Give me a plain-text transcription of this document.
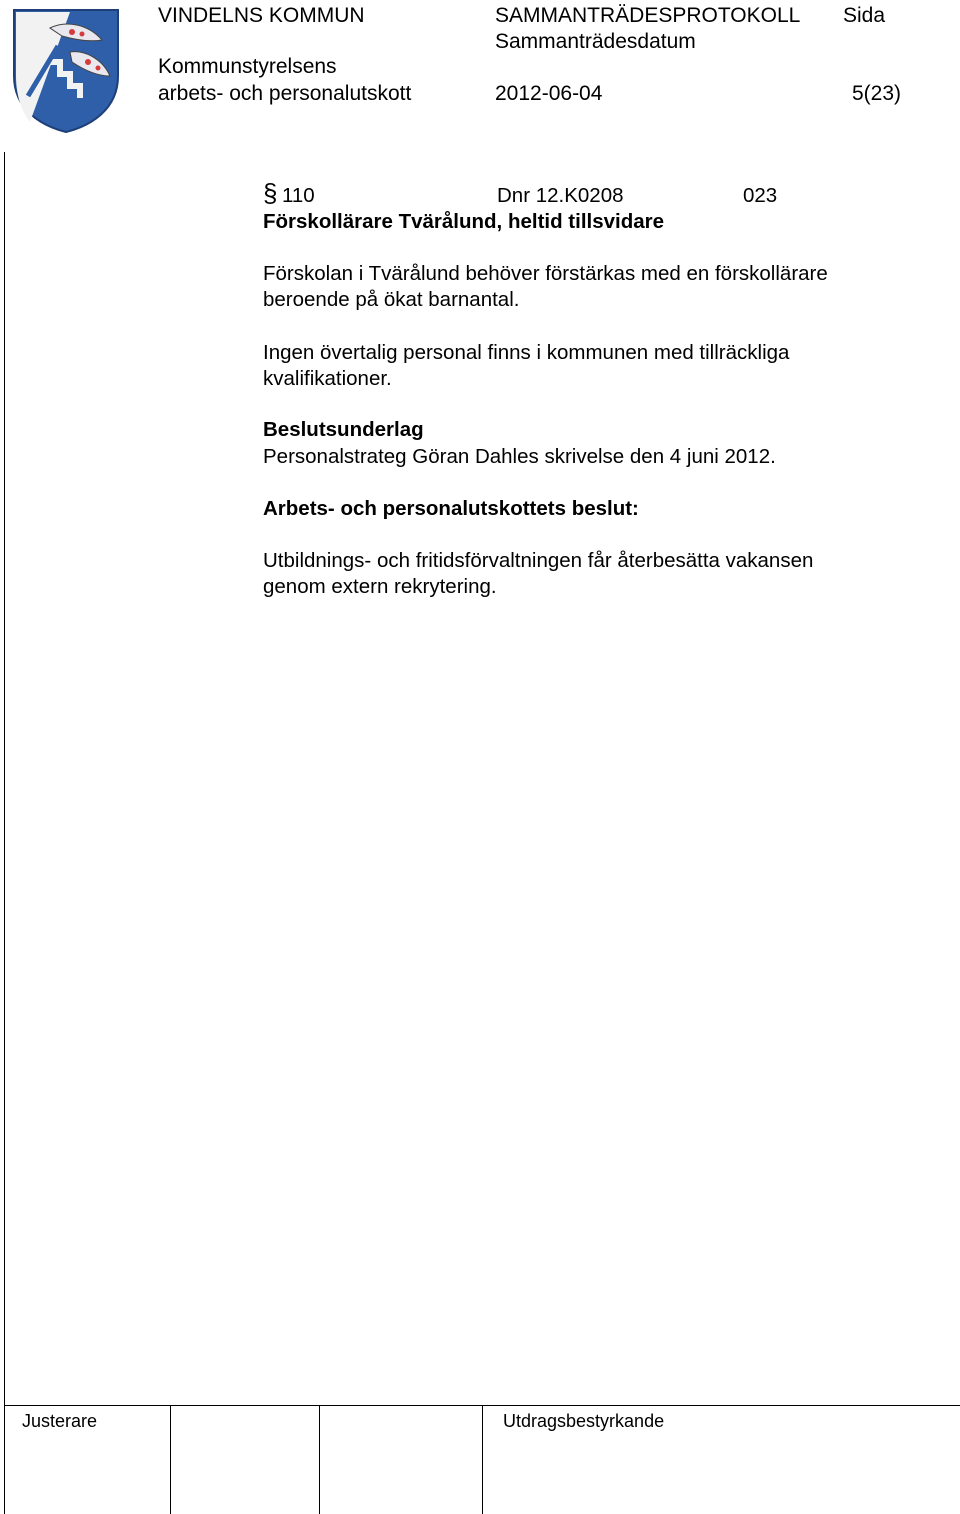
VINDELNS KOMMUN	SAMMANTRÄDESPROTOKOLL Sida
Sammanträdesdatum
Kommunstyrelsens
arbets- och personalutskott	2012-06-04	5(23)
§ 110	Dnr 12.K0208	023
Förskollärare Tvärålund, heltid tillsvidare
Förskolan i Tvärålund behöver förstärkas med en förskollärare
beroende på ökat barnantal.
Ingen övertalig personal finns i kommunen med tillräckliga
kvalifikationer.
Beslutsunderlag
Personalstrateg Göran Dahles skrivelse den 4 juni 2012.
Arbets- och personalutskottets beslut:
Utbildnings- och fritidsförvaltningen får återbesätta vakansen
genom extern rekrytering.
Justerare	Utdragsbestyrkande
